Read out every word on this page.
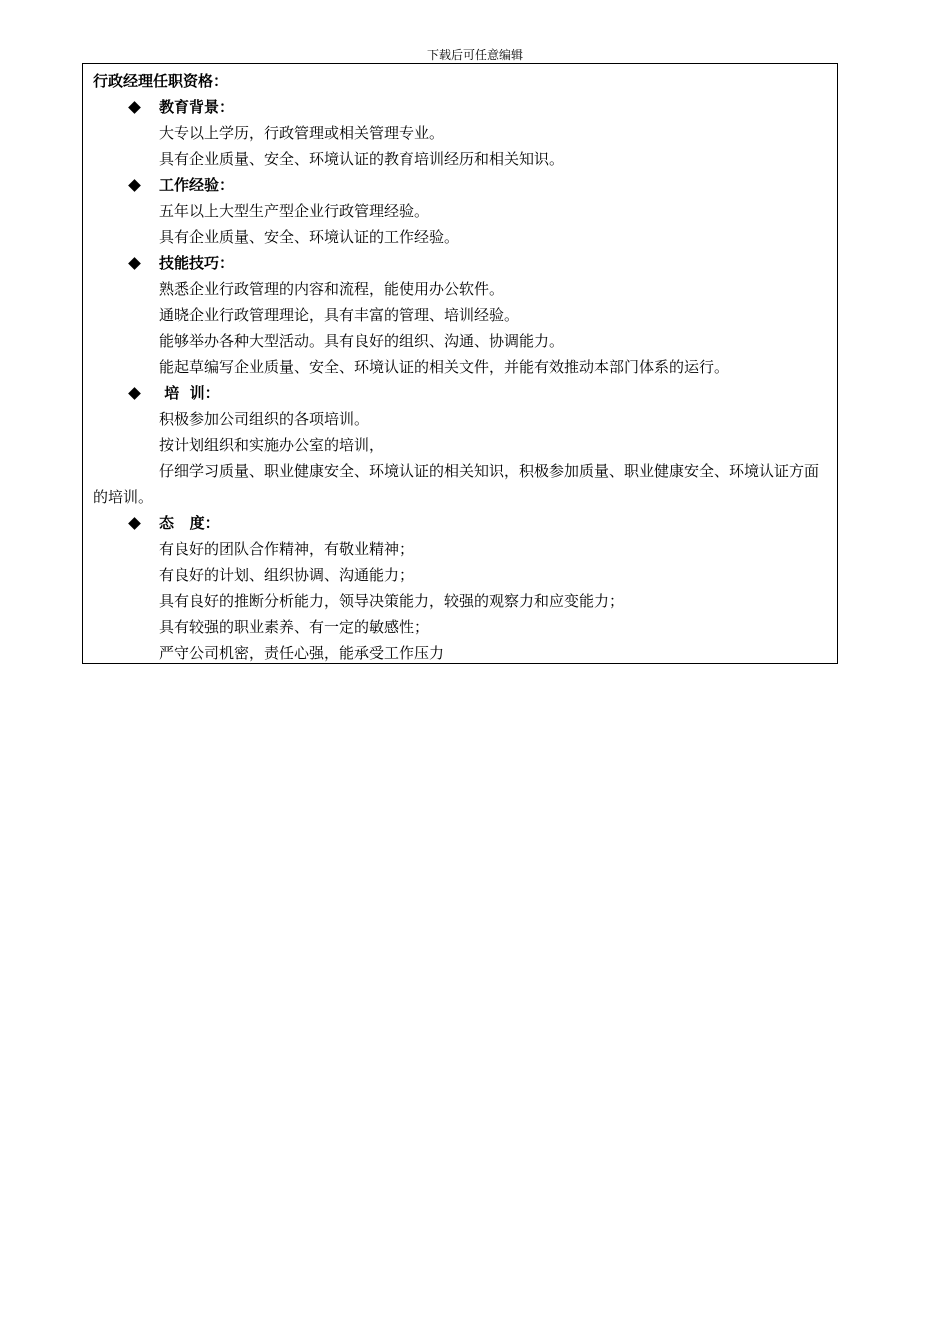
下载后可任意编辑
行政经理任职资格：
教育背景：
大专以上学历，行政管理或相关管理专业。
具有企业质量、安全、环境认证的教育培训经历和相关知识。
工作经验：
五年以上大型生产型企业行政管理经验。
具有企业质量、安全、环境认证的工作经验。
技能技巧：
熟悉企业行政管理的内容和流程，能使用办公软件。
通晓企业行政管理理论，具有丰富的管理、培训经验。
能够举办各种大型活动。具有良好的组织、沟通、协调能力。
能起草编写企业质量、安全、环境认证的相关文件，并能有效推动本部门体系的运行。
培  训：
积极参加公司组织的各项培训。
按计划组织和实施办公室的培训，
仔细学习质量、职业健康安全、环境认证的相关知识，积极参加质量、职业健康安全、环境认证方面的培训。
态   度：
有良好的团队合作精神，有敬业精神；
有良好的计划、组织协调、沟通能力；
具有良好的推断分析能力，领导决策能力，较强的观察力和应变能力；
具有较强的职业素养、有一定的敏感性；
严守公司机密，责任心强，能承受工作压力
